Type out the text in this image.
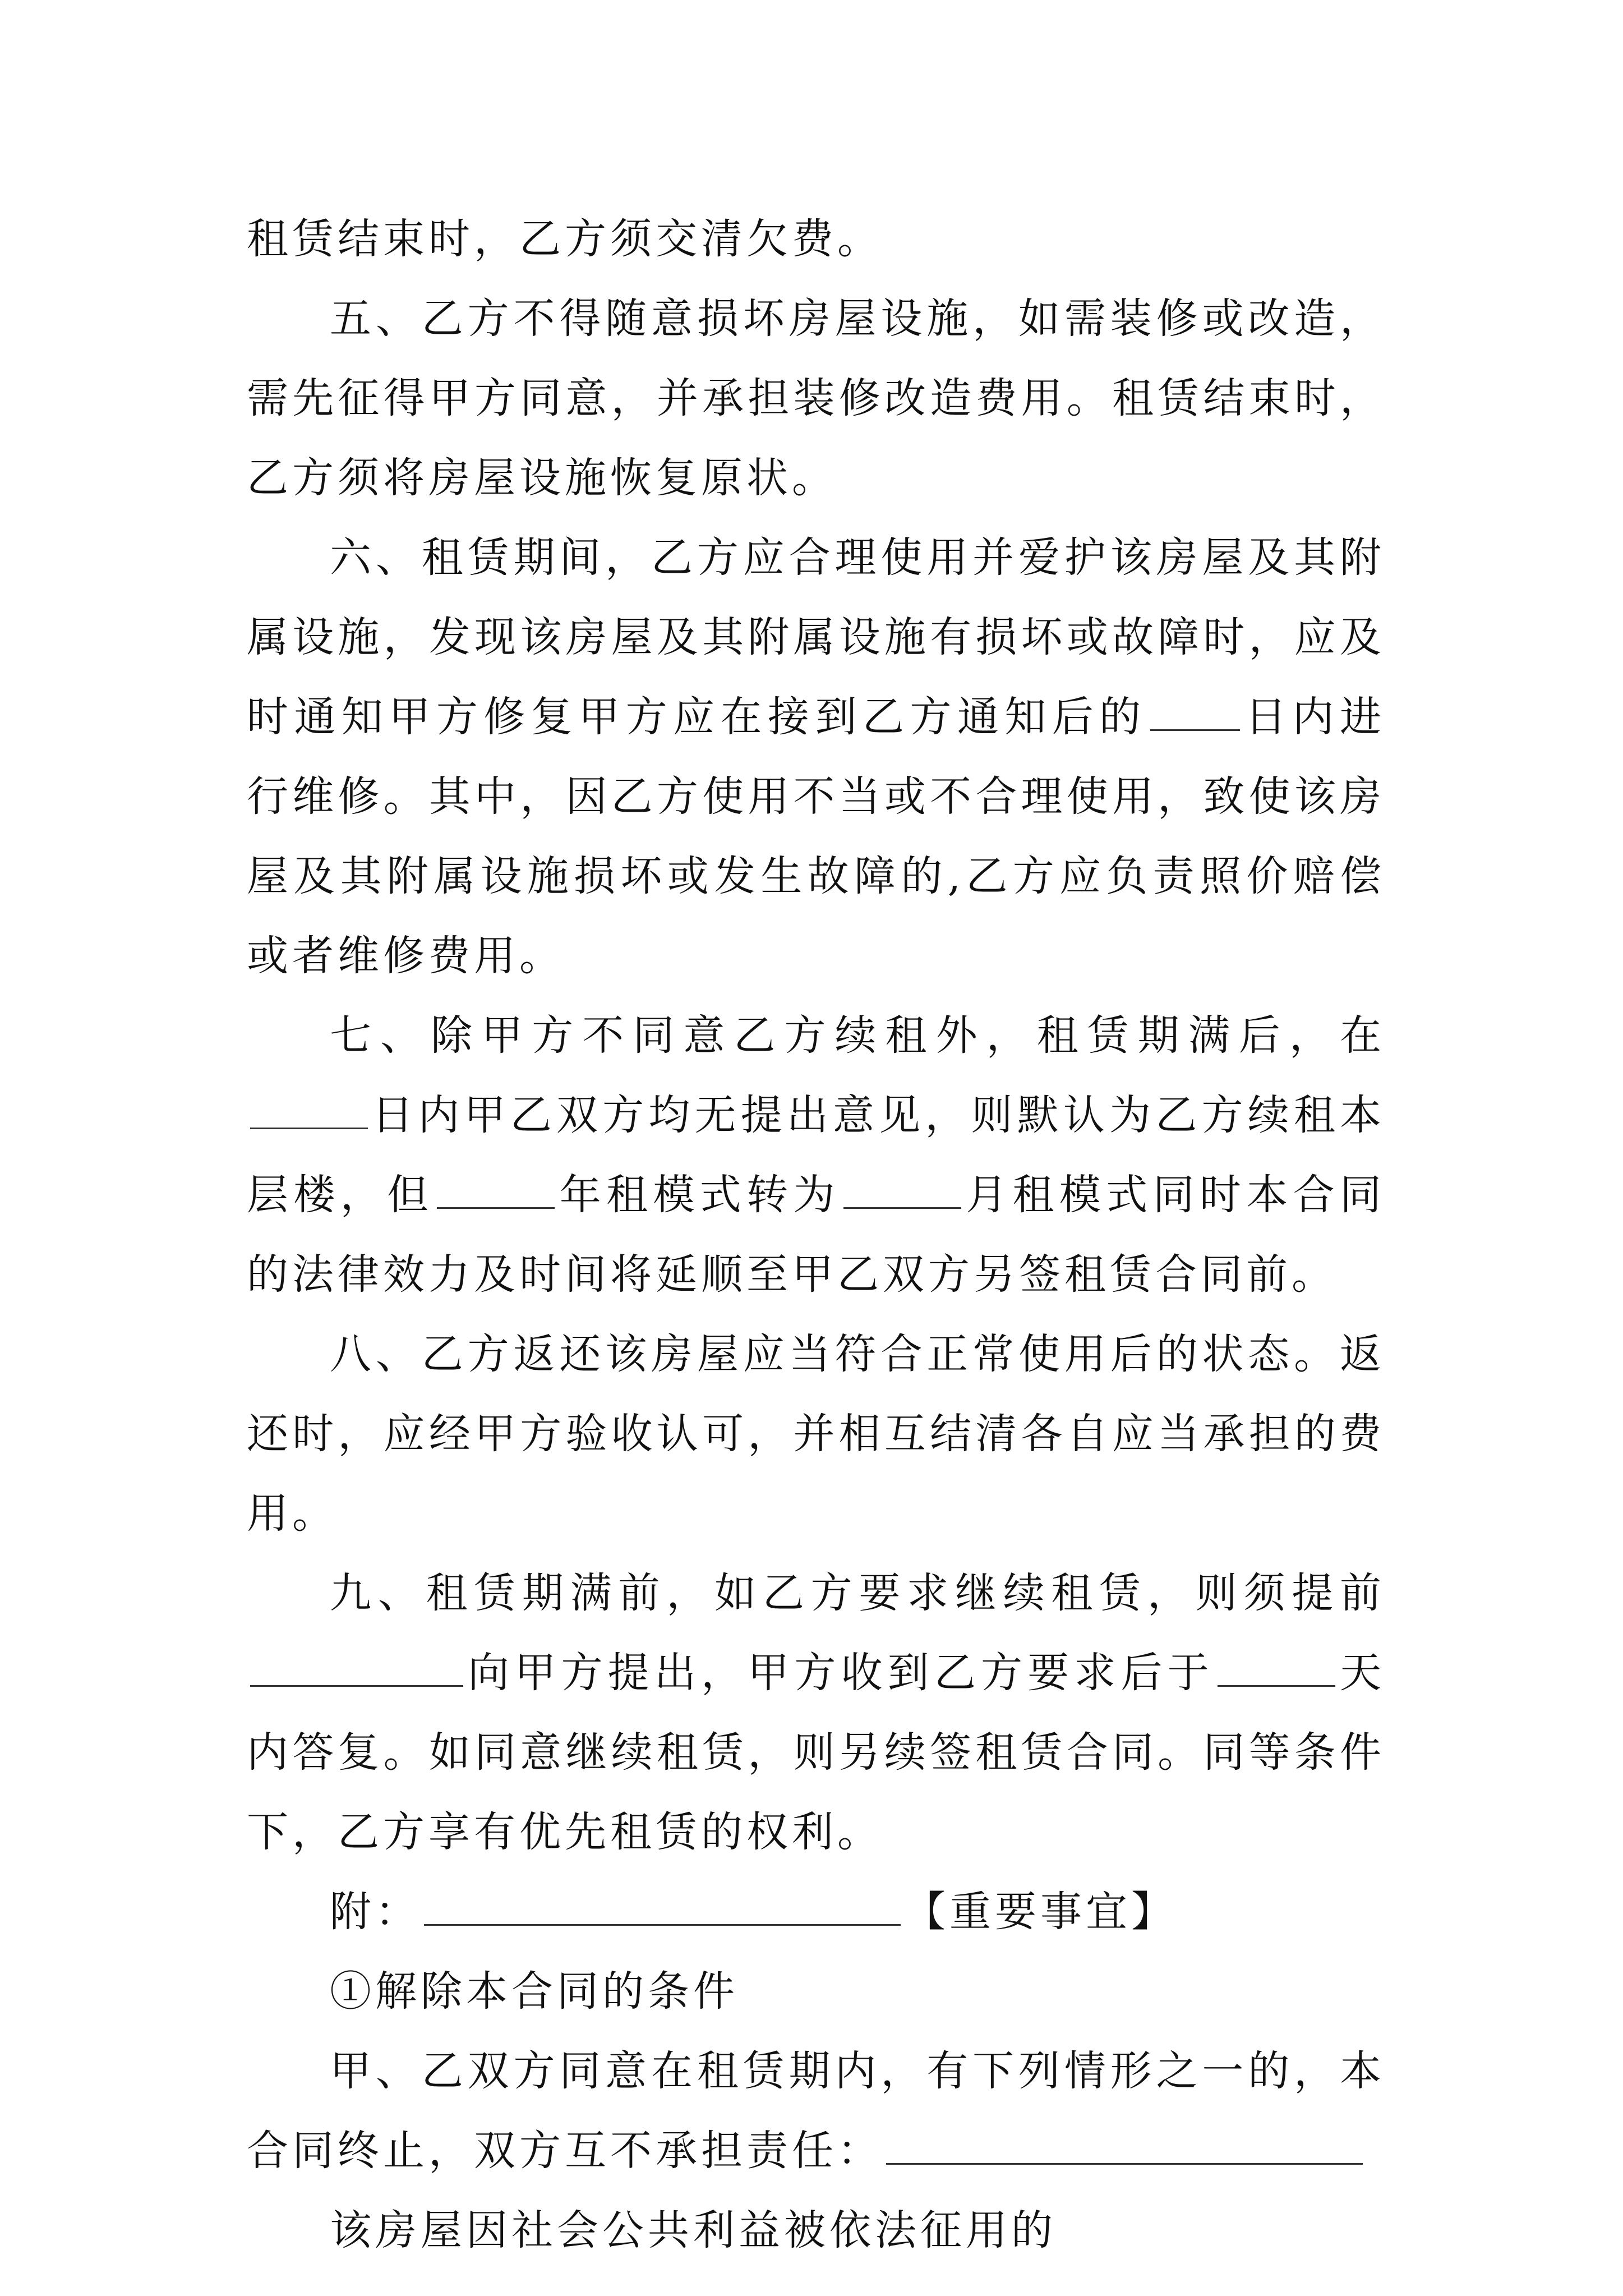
租赁结束时，乙方须交清欠费。

五、乙方不得随意损坏房屋设施，如需装修或改造，需先征得甲方同意，并承担装修改造费用。租赁结束时，乙方须将房屋设施恢复原状。

六、租赁期间，乙方应合理使用并爱护该房屋及其附属设施，发现该房屋及其附属设施有损坏或故障时，应及时通知甲方修复甲方应在接到乙方通知后的 日内进行维修。其中，因乙方使用不当或不合理使用，致使该房屋及其附属设施损坏或发生故障的,乙方应负责照价赔偿或者维修费用。

七、除甲方不同意乙方续租外，租赁期满后，在日内甲乙双方均无提出意见，则默认为乙方续租本层楼，但	年租模式转为	月租模式同时本合同的法律效力及时间将延顺至甲乙双方另签租赁合同前。

八、乙方返还该房屋应当符合正常使用后的状态。返还时，应经甲方验收认可，并相互结清各自应当承担的费用。

九、租赁期满前，如乙方要求继续租赁，则须提前向甲方提出，甲方收到乙方要求后于	天内答复。如同意继续租赁，则另续签租赁合同。同等条件下，乙方享有优先租赁的权利。

附：	【重要事宜】

①解除本合同的条件

甲、乙双方同意在租赁期内，有下列情形之一的，本合同终止，双方互不承担责任：

该房屋因社会公共利益被依法征用的
